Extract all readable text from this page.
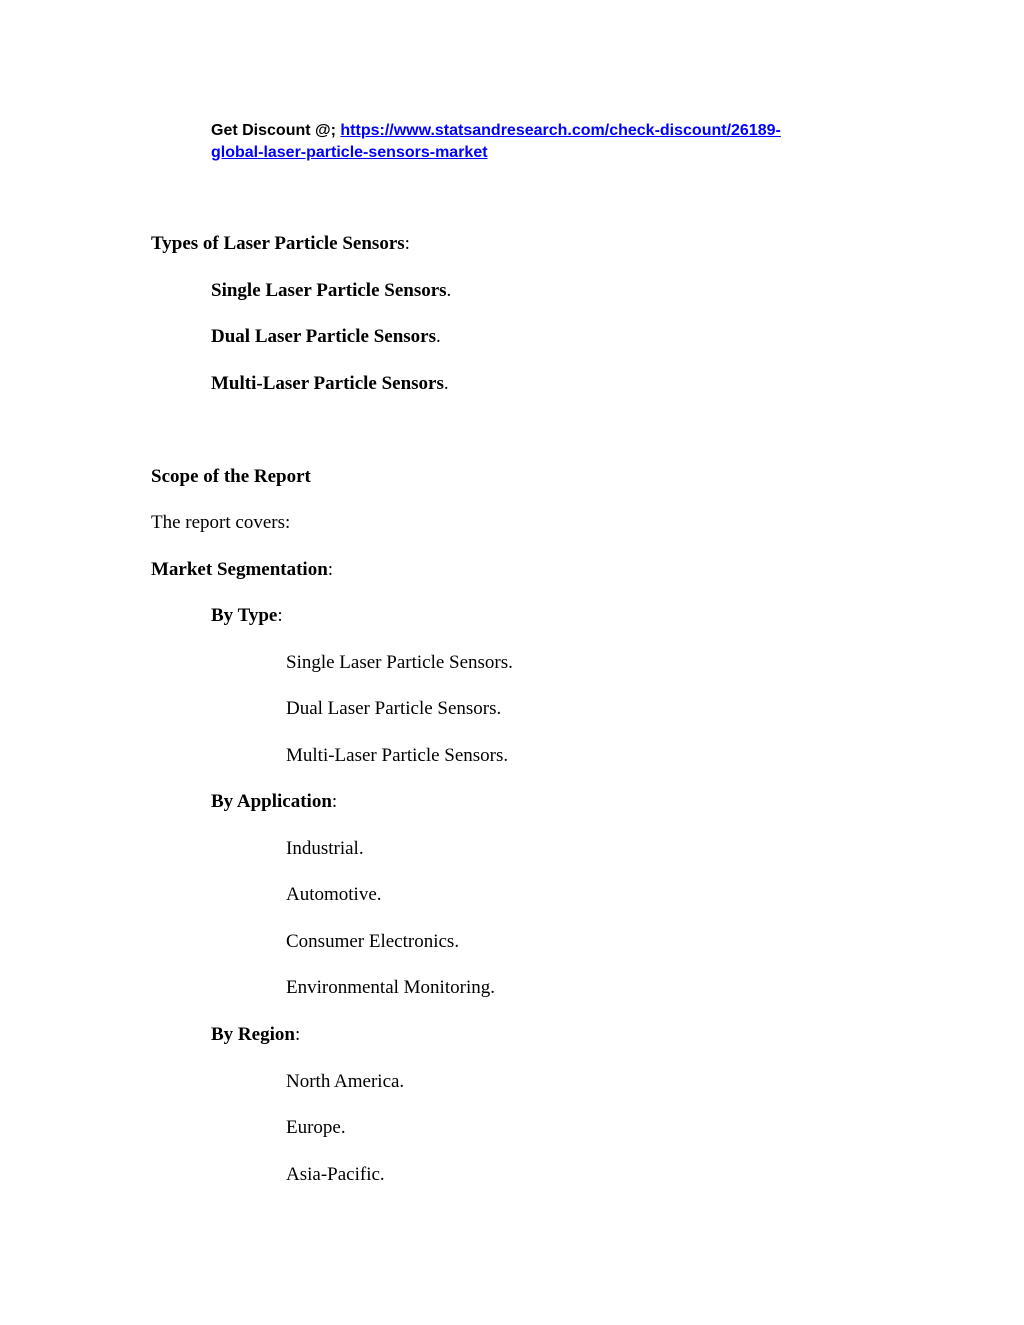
Get Discount @; https://www.statsandresearch.com/check-discount/26189-
global-laser-particle-sensors-market
Types of Laser Particle Sensors:
Single Laser Particle Sensors.
Dual Laser Particle Sensors.
Multi-Laser Particle Sensors.
Scope of the Report
The report covers:
Market Segmentation:
By Type:
Single Laser Particle Sensors.
Dual Laser Particle Sensors.
Multi-Laser Particle Sensors.
By Application:
Industrial.
Automotive.
Consumer Electronics.
Environmental Monitoring.
By Region:
North America.
Europe.
Asia-Pacific.
